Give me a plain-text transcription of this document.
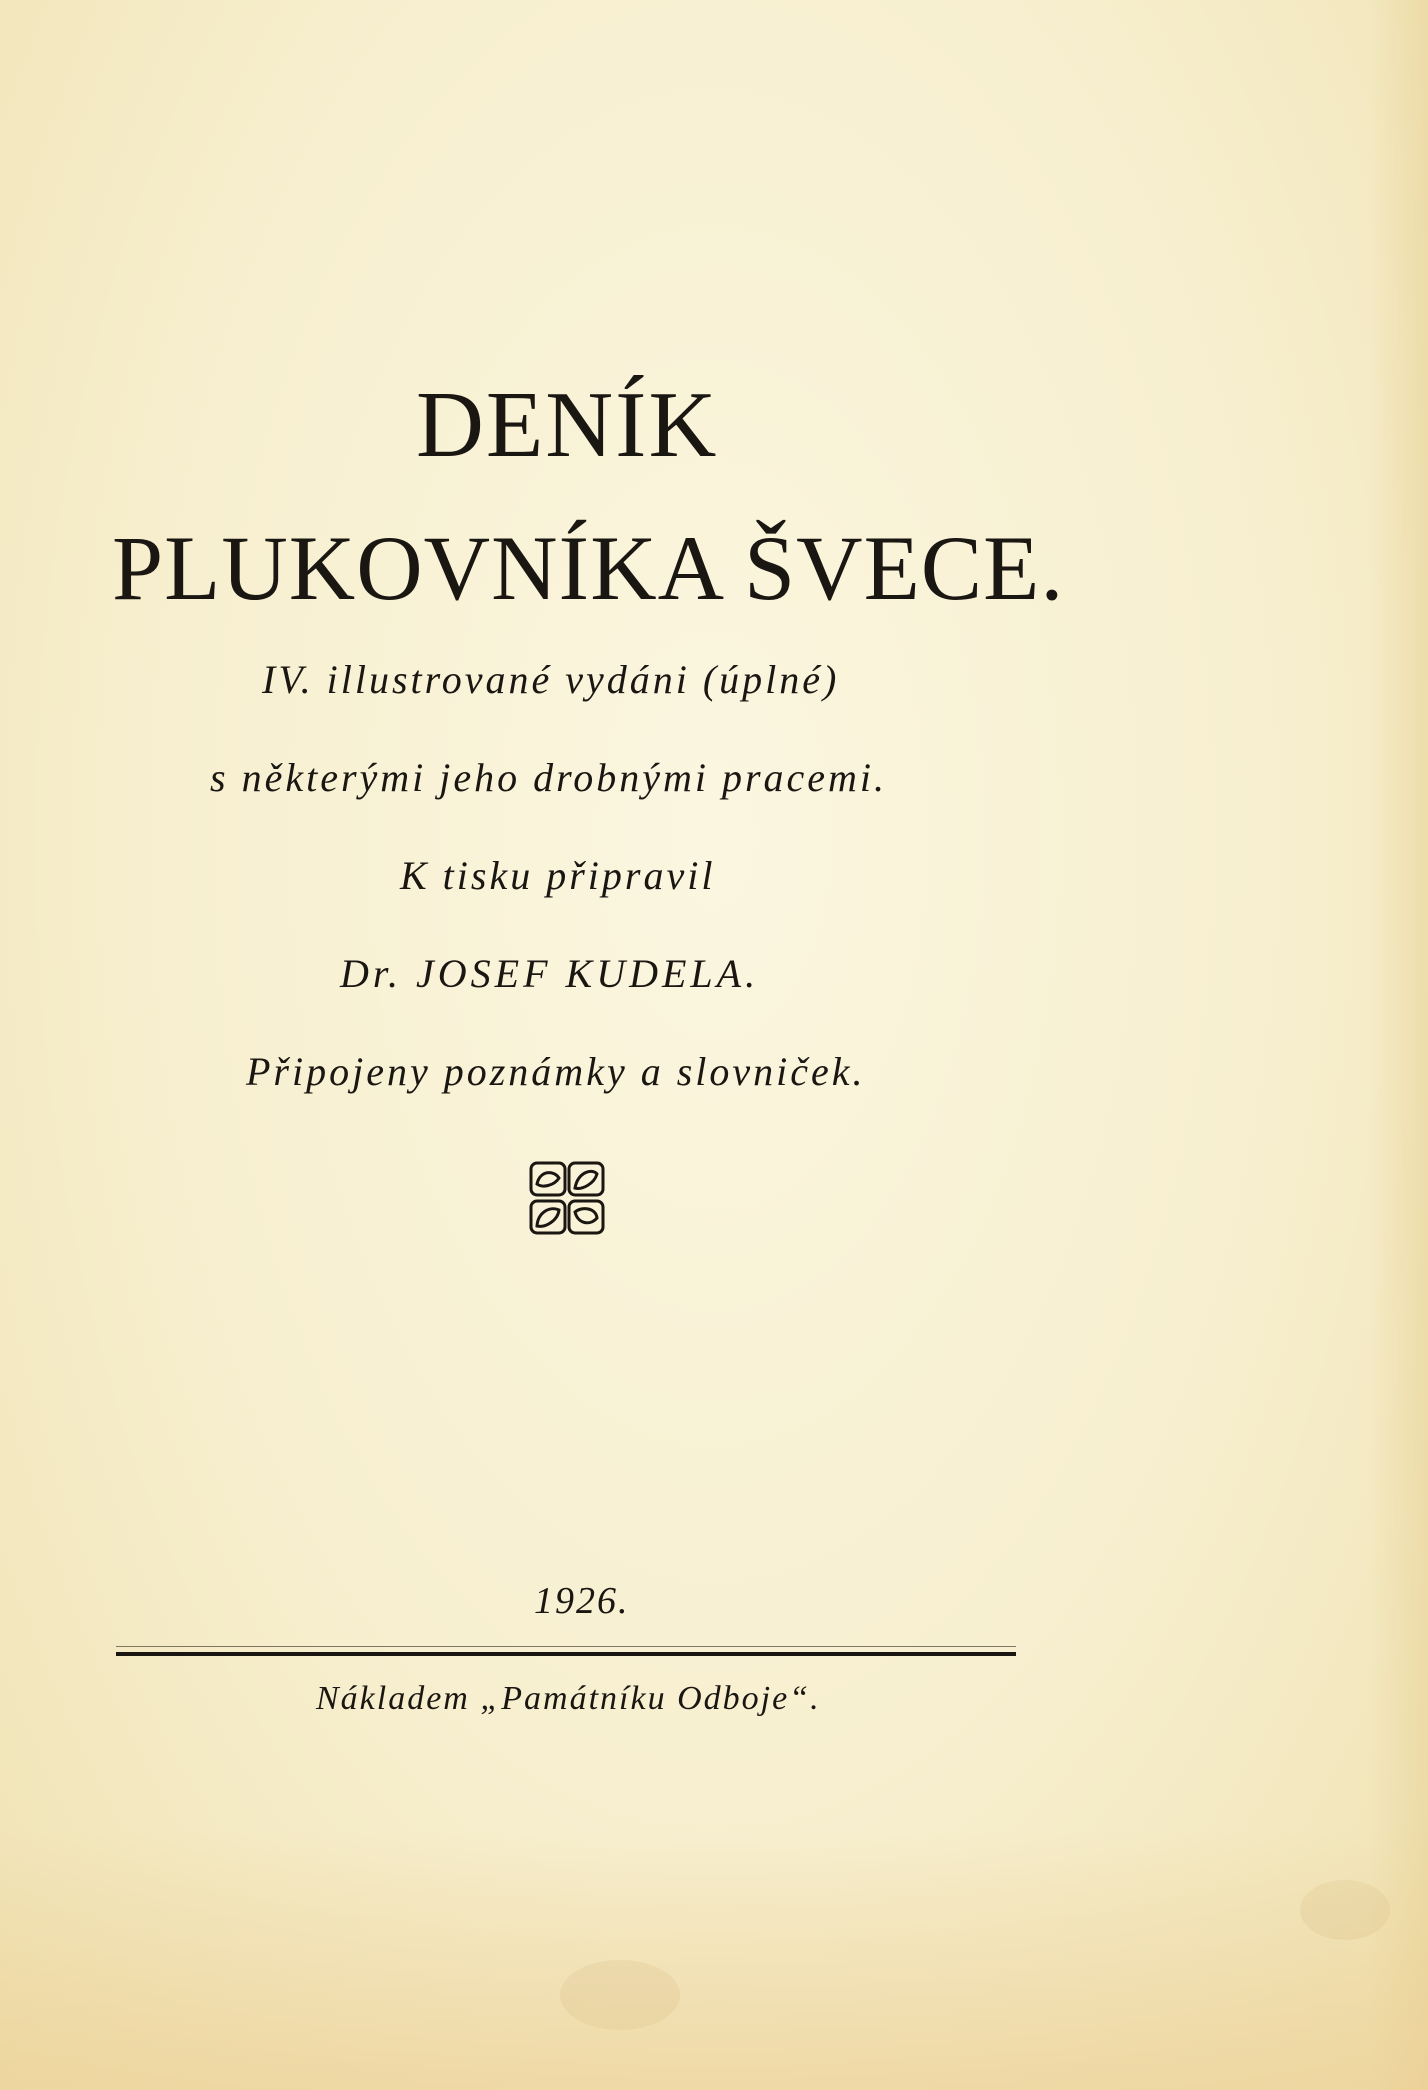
DENÍK
PLUKOVNÍKA ŠVECE.
IV. illustrované vydáni (úplné)
s některými jeho drobnými pracemi.
K tisku připravil
Dr. JOSEF KUDELA.
Připojeny poznámky a slovniček.
1926.
Nákladem „Památníku Odboje“.
